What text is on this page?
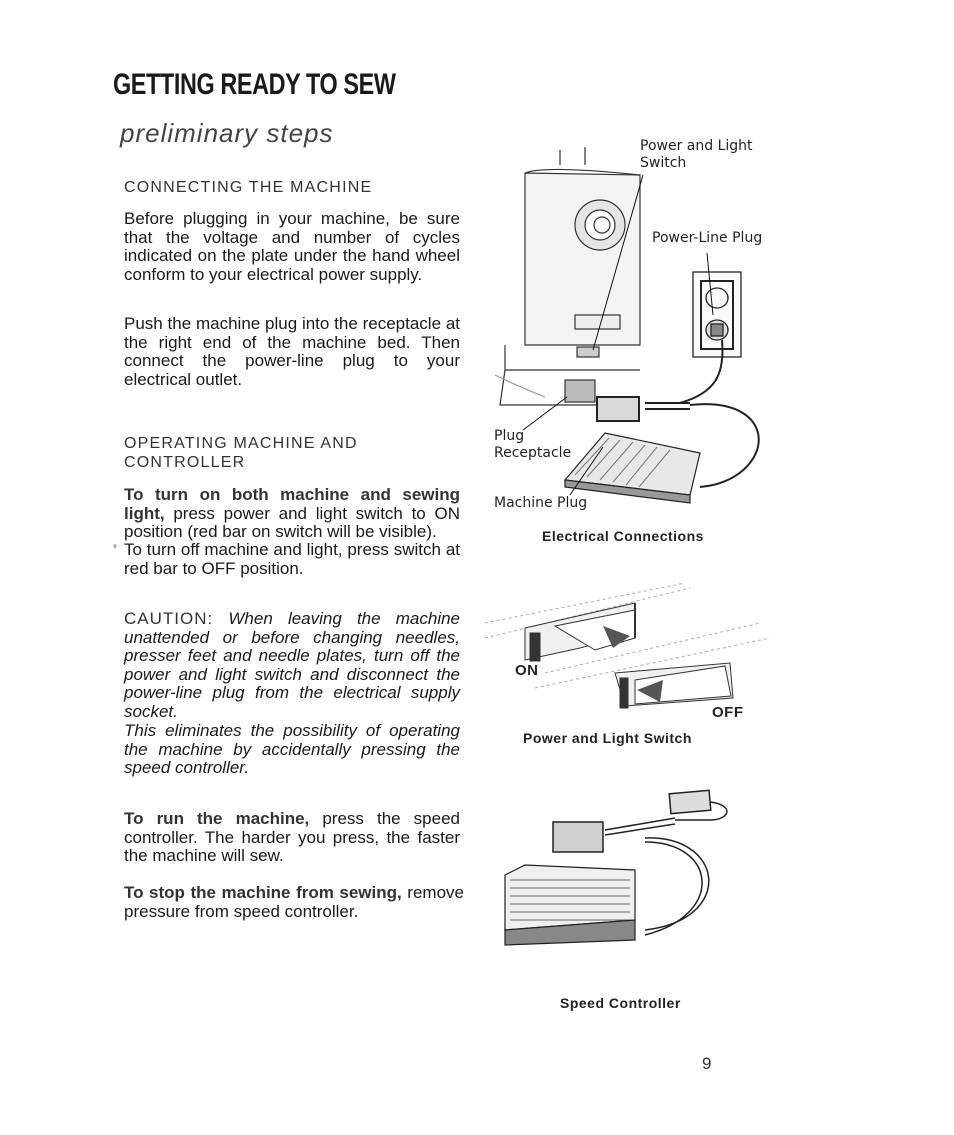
GETTING READY TO SEW
preliminary steps
CONNECTING THE MACHINE
Before plugging in your machine, be sure that the voltage and number of cycles indicated on the plate under the hand wheel conform to your electrical power supply.
Push the machine plug into the receptacle at the right end of the machine bed. Then connect the power-line plug to your electrical outlet.
OPERATING MACHINE AND
CONTROLLER
To turn on both machine and sewing light, press power and light switch to ON position (red bar on switch will be visible).
° To turn off machine and light, press switch at red bar to OFF position.
CAUTION: When leaving the machine unattended or before changing needles, presser feet and needle plates, turn off the power and light switch and disconnect the power-line plug from the electrical supply socket.
This eliminates the possibility of operating the machine by accidentally pressing the speed controller.
To run the machine, press the speed controller. The harder you press, the faster the machine will sew.
To stop the machine from sewing, remove pressure from speed controller.
Power and Light
Switch
Power-Line Plug
Plug
Receptacle
Machine Plug
Electrical Connections
ON
OFF
Power and Light Switch
Speed Controller
9
